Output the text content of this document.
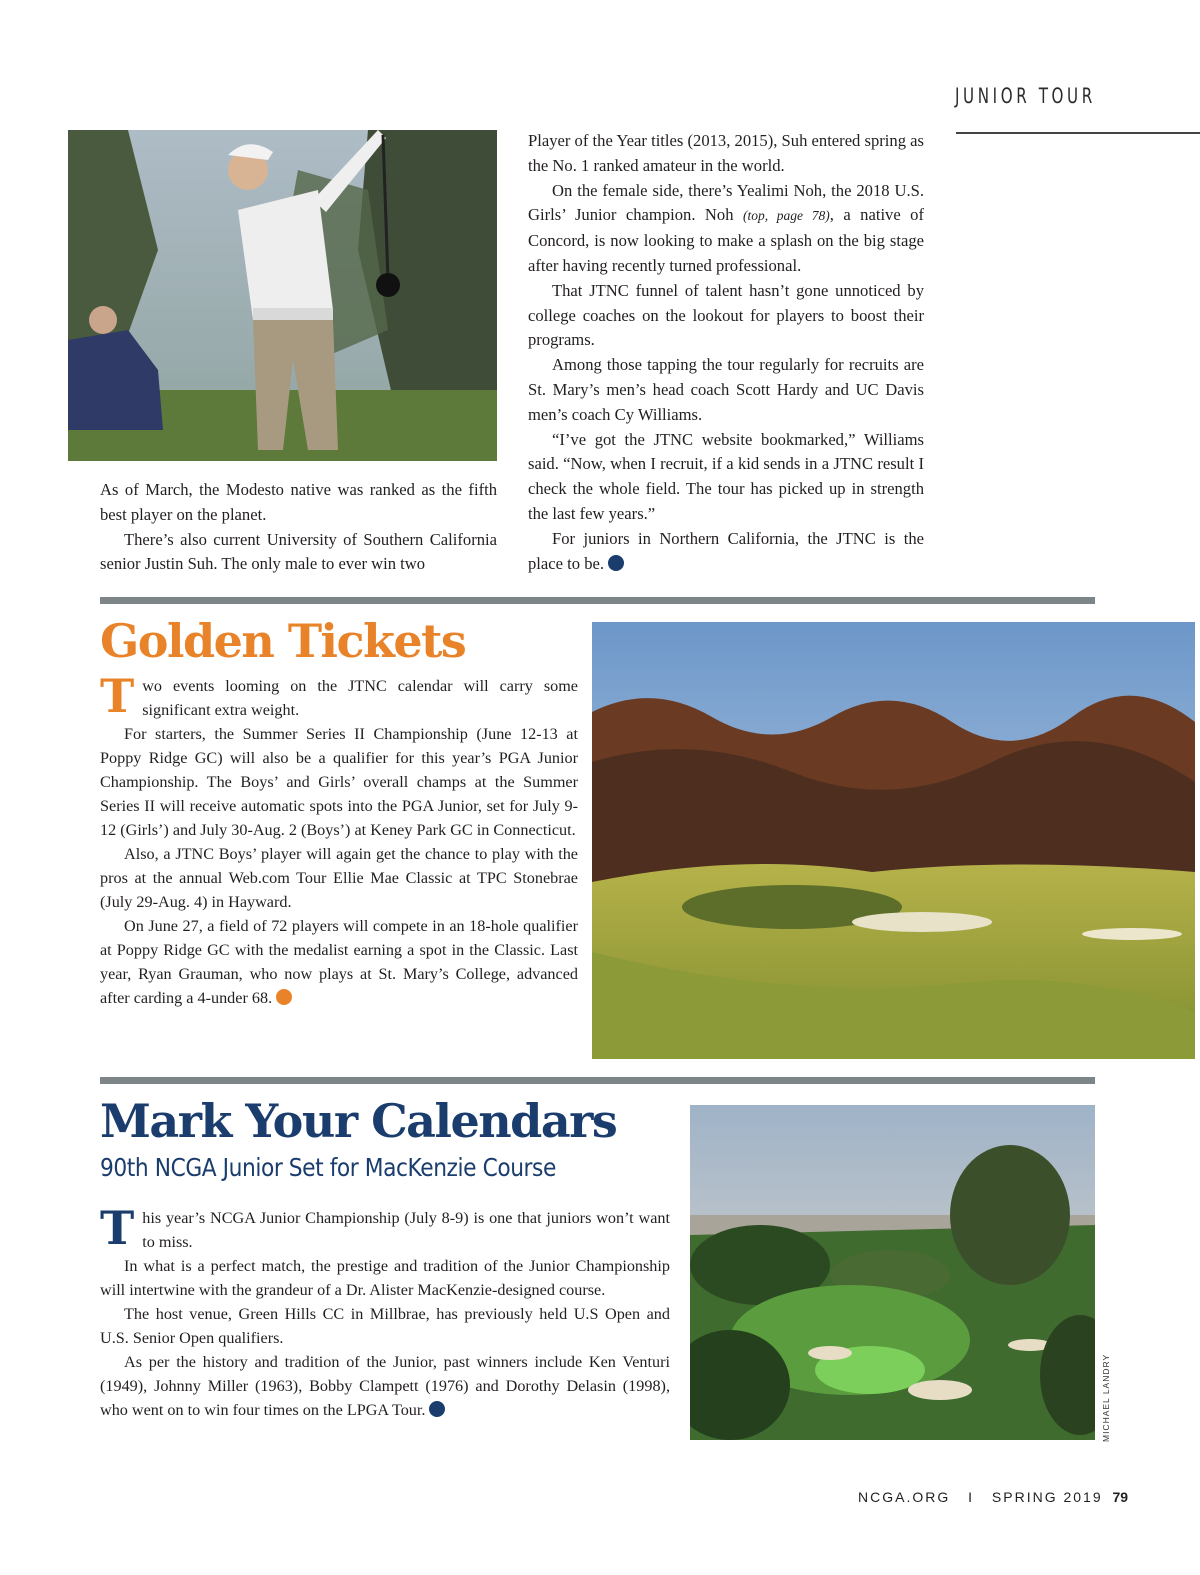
JUNIOR TOUR

As of March, the Modesto native was ranked as the fifth best player on the planet.

There’s also current University of Southern California senior Justin Suh. The only male to ever win two

Player of the Year titles (2013, 2015), Suh entered spring as the No. 1 ranked amateur in the world.

On the female side, there’s Yealimi Noh, the 2018 U.S. Girls’ Junior champion. Noh (top, page 78), a native of Concord, is now looking to make a splash on the big stage after having recently turned professional.

That JTNC funnel of talent hasn’t gone unnoticed by college coaches on the lookout for players to boost their programs.

Among those tapping the tour regularly for recruits are St. Mary’s men’s head coach Scott Hardy and UC Davis men’s coach Cy Williams.

“I’ve got the JTNC website bookmarked,” Williams said. “Now, when I recruit, if a kid sends in a JTNC result I check the whole field. The tour has picked up in strength the last few years.”

For juniors in Northern California, the JTNC is the place to be.

Golden Tickets

Two events looming on the JTNC calendar will carry some significant extra weight.

For starters, the Summer Series II Championship (June 12-13 at Poppy Ridge GC) will also be a qualifier for this year’s PGA Junior Championship. The Boys’ and Girls’ overall champs at the Summer Series II will receive automatic spots into the PGA Junior, set for July 9-12 (Girls’) and July 30-Aug. 2 (Boys’) at Keney Park GC in Connecticut.

Also, a JTNC Boys’ player will again get the chance to play with the pros at the annual Web.com Tour Ellie Mae Classic at TPC Stonebrae (July 29-Aug. 4) in Hayward.

On June 27, a field of 72 players will compete in an 18-hole qualifier at Poppy Ridge GC with the medalist earning a spot in the Classic. Last year, Ryan Grauman, who now plays at St. Mary’s College, advanced after carding a 4-under 68.

Mark Your Calendars
90th NCGA Junior Set for MacKenzie Course

This year’s NCGA Junior Championship (July 8-9) is one that juniors won’t want to miss.

In what is a perfect match, the prestige and tradition of the Junior Championship will intertwine with the grandeur of a Dr. Alister MacKenzie-designed course.

The host venue, Green Hills CC in Millbrae, has previously held U.S Open and U.S. Senior Open qualifiers.

As per the history and tradition of the Junior, past winners include Ken Venturi (1949), Johnny Miller (1963), Bobby Clampett (1976) and Dorothy Delasin (1998), who went on to win four times on the LPGA Tour.	MICHAEL LANDRY
NCGA.ORG I SPRING 2019 79
